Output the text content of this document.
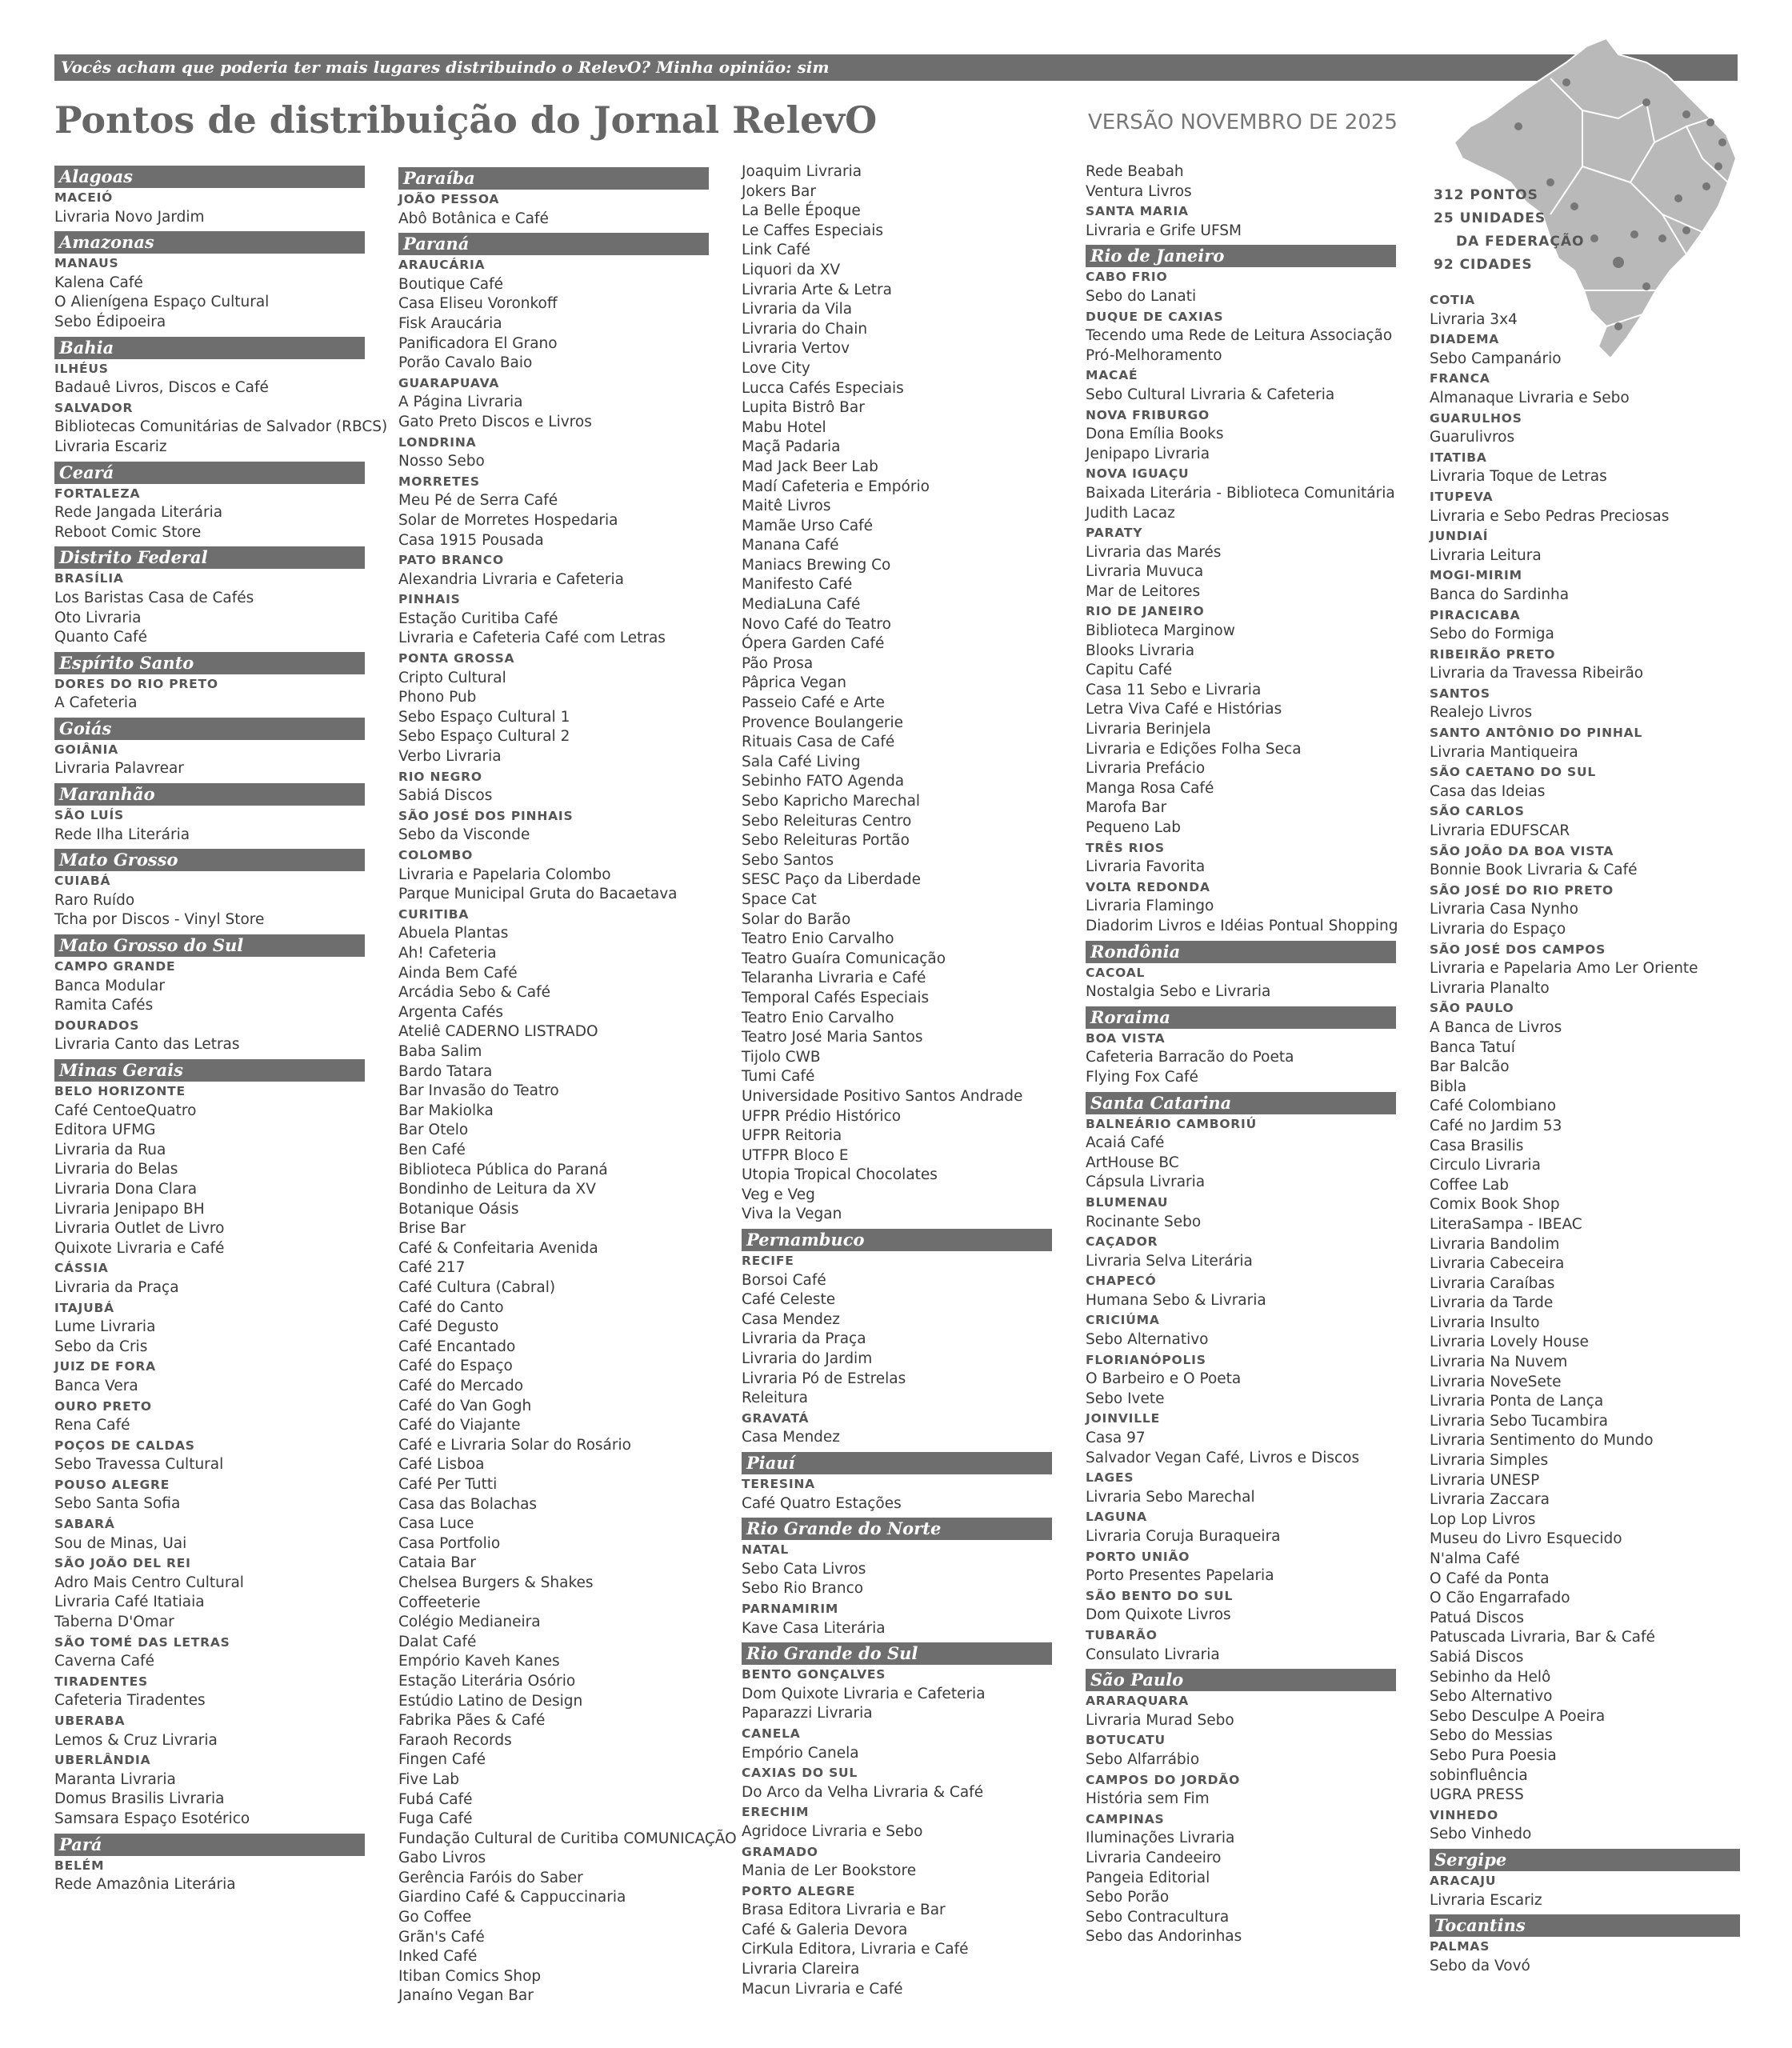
Vocês acham que poderia ter mais lugares distribuindo o RelevO? Minha opinião: sim
Pontos de distribuição do Jornal RelevO	VERSÃO NOVEMBRO DE 2025
312 PONTOS
25 UNIDADES
DA FEDERAÇÃO
92 CIDADES
Alagoas
MACEIÓ
Livraria Novo Jardim
Amazonas
MANAUS
Kalena Café
O Alienígena Espaço Cultural
Sebo Édipoeira
Bahia
ILHÉUS
Badauê Livros, Discos e Café
SALVADOR
Bibliotecas Comunitárias de Salvador (RBCS)
Livraria Escariz
Ceará
FORTALEZA
Rede Jangada Literária
Reboot Comic Store
Distrito Federal
BRASÍLIA
Los Baristas Casa de Cafés
Oto Livraria
Quanto Café
Espírito Santo
DORES DO RIO PRETO
A Cafeteria
Goiás
GOIÂNIA
Livraria Palavrear
Maranhão
SÃO LUÍS
Rede Ilha Literária
Mato Grosso
CUIABÁ
Raro Ruído
Tcha por Discos - Vinyl Store
Mato Grosso do Sul
CAMPO GRANDE
Banca Modular
Ramita Cafés
DOURADOS
Livraria Canto das Letras
Minas Gerais
BELO HORIZONTE
Café CentoeQuatro
Editora UFMG
Livraria da Rua
Livraria do Belas
Livraria Dona Clara
Livraria Jenipapo BH
Livraria Outlet de Livro
Quixote Livraria e Café
CÁSSIA
Livraria da Praça
ITAJUBÁ
Lume Livraria
Sebo da Cris
JUIZ DE FORA
Banca Vera
OURO PRETO
Rena Café
POÇOS DE CALDAS
Sebo Travessa Cultural
POUSO ALEGRE
Sebo Santa Sofia
SABARÁ
Sou de Minas, Uai
SÃO JOÃO DEL REI
Adro Mais Centro Cultural
Livraria Café Itatiaia
Taberna D'Omar
SÃO TOMÉ DAS LETRAS
Caverna Café
TIRADENTES
Cafeteria Tiradentes
UBERABA
Lemos & Cruz Livraria
UBERLÂNDIA
Maranta Livraria
Domus Brasilis Livraria
Samsara Espaço Esotérico
Pará
BELÉM
Rede Amazônia Literária
Paraíba
JOÃO PESSOA
Abô Botânica e Café
Paraná
ARAUCÁRIA
Boutique Café
Casa Eliseu Voronkoff
Fisk Araucária
Panificadora El Grano
Porão Cavalo Baio
GUARAPUAVA
A Página Livraria
Gato Preto Discos e Livros
LONDRINA
Nosso Sebo
MORRETES
Meu Pé de Serra Café
Solar de Morretes Hospedaria
Casa 1915 Pousada
PATO BRANCO
Alexandria Livraria e Cafeteria
PINHAIS
Estação Curitiba Café
Livraria e Cafeteria Café com Letras
PONTA GROSSA
Cripto Cultural
Phono Pub
Sebo Espaço Cultural 1
Sebo Espaço Cultural 2
Verbo Livraria
RIO NEGRO
Sabiá Discos
SÃO JOSÉ DOS PINHAIS
Sebo da Visconde
COLOMBO
Livraria e Papelaria Colombo
Parque Municipal Gruta do Bacaetava
CURITIBA
Abuela Plantas
Ah! Cafeteria
Ainda Bem Café
Arcádia Sebo & Café
Argenta Cafés
Ateliê CADERNO LISTRADO
Baba Salim
Bardo Tatara
Bar Invasão do Teatro
Bar Makiolka
Bar Otelo
Ben Café
Biblioteca Pública do Paraná
Bondinho de Leitura da XV
Botanique Oásis
Brise Bar
Café & Confeitaria Avenida
Café 217
Café Cultura (Cabral)
Café do Canto
Café Degusto
Café Encantado
Café do Espaço
Café do Mercado
Café do Van Gogh
Café do Viajante
Café e Livraria Solar do Rosário
Café Lisboa
Café Per Tutti
Casa das Bolachas
Casa Luce
Casa Portfolio
Cataia Bar
Chelsea Burgers & Shakes
Coffeeterie
Colégio Medianeira
Dalat Café
Empório Kaveh Kanes
Estação Literária Osório
Estúdio Latino de Design
Fabrika Pães & Café
Faraoh Records
Fingen Café
Five Lab
Fubá Café
Fuga Café
Fundação Cultural de Curitiba COMUNICAÇÃO
Gabo Livros
Gerência Faróis do Saber
Giardino Café & Cappuccinaria
Go Coffee
Grãn's Café
Inked Café
Itiban Comics Shop
Janaíno Vegan Bar
Joaquim Livraria
Jokers Bar
La Belle Époque
Le Caffes Especiais
Link Café
Liquori da XV
Livraria Arte & Letra
Livraria da Vila
Livraria do Chain
Livraria Vertov
Love City
Lucca Cafés Especiais
Lupita Bistrô Bar
Mabu Hotel
Maçã Padaria
Mad Jack Beer Lab
Madí Cafeteria e Empório
Maitê Livros
Mamãe Urso Café
Manana Café
Maniacs Brewing Co
Manifesto Café
MediaLuna Café
Novo Café do Teatro
Ópera Garden Café
Pão Prosa
Pâprica Vegan
Passeio Café e Arte
Provence Boulangerie
Rituais Casa de Café
Sala Café Living
Sebinho FATO Agenda
Sebo Kapricho Marechal
Sebo Releituras Centro
Sebo Releituras Portão
Sebo Santos
SESC Paço da Liberdade
Space Cat
Solar do Barão
Teatro Enio Carvalho
Teatro Guaíra Comunicação
Telaranha Livraria e Café
Temporal Cafés Especiais
Teatro Enio Carvalho
Teatro José Maria Santos
Tijolo CWB
Tumi Café
Universidade Positivo Santos Andrade
UFPR Prédio Histórico
UFPR Reitoria
UTFPR Bloco E
Utopia Tropical Chocolates
Veg e Veg
Viva la Vegan
Pernambuco
RECIFE
Borsoi Café
Café Celeste
Casa Mendez
Livraria da Praça
Livraria do Jardim
Livraria Pó de Estrelas
Releitura
GRAVATÁ
Casa Mendez
Piauí
TERESINA
Café Quatro Estações
Rio Grande do Norte
NATAL
Sebo Cata Livros
Sebo Rio Branco
PARNAMIRIM
Kave Casa Literária
Rio Grande do Sul
BENTO GONÇALVES
Dom Quixote Livraria e Cafeteria
Paparazzi Livraria
CANELA
Empório Canela
CAXIAS DO SUL
Do Arco da Velha Livraria & Café
ERECHIM
Agridoce Livraria e Sebo
GRAMADO
Mania de Ler Bookstore
PORTO ALEGRE
Brasa Editora Livraria e Bar
Café & Galeria Devora
CirKula Editora, Livraria e Café
Livraria Clareira
Macun Livraria e Café
Rede Beabah
Ventura Livros
SANTA MARIA
Livraria e Grife UFSM
Rio de Janeiro
CABO FRIO
Sebo do Lanati
DUQUE DE CAXIAS
Tecendo uma Rede de Leitura Associação
Pró-Melhoramento
MACAÉ
Sebo Cultural Livraria & Cafeteria
NOVA FRIBURGO
Dona Emília Books
Jenipapo Livraria
NOVA IGUAÇU
Baixada Literária - Biblioteca Comunitária
Judith Lacaz
PARATY
Livraria das Marés
Livraria Muvuca
Mar de Leitores
RIO DE JANEIRO
Biblioteca Marginow
Blooks Livraria
Capitu Café
Casa 11 Sebo e Livraria
Letra Viva Café e Histórias
Livraria Berinjela
Livraria e Edições Folha Seca
Livraria Prefácio
Manga Rosa Café
Marofa Bar
Pequeno Lab
TRÊS RIOS
Livraria Favorita
VOLTA REDONDA
Livraria Flamingo
Diadorim Livros e Idéias Pontual Shopping
Rondônia
CACOAL
Nostalgia Sebo e Livraria
Roraima
BOA VISTA
Cafeteria Barracão do Poeta
Flying Fox Café
Santa Catarina
BALNEÁRIO CAMBORIÚ
Acaiá Café
ArtHouse BC
Cápsula Livraria
BLUMENAU
Rocinante Sebo
CAÇADOR
Livraria Selva Literária
CHAPECÓ
Humana Sebo & Livraria
CRICIÚMA
Sebo Alternativo
FLORIANÓPOLIS
O Barbeiro e O Poeta
Sebo Ivete
JOINVILLE
Casa 97
Salvador Vegan Café, Livros e Discos
LAGES
Livraria Sebo Marechal
LAGUNA
Livraria Coruja Buraqueira
PORTO UNIÃO
Porto Presentes Papelaria
SÃO BENTO DO SUL
Dom Quixote Livros
TUBARÃO
Consulato Livraria
São Paulo
ARARAQUARA
Livraria Murad Sebo
BOTUCATU
Sebo Alfarrábio
CAMPOS DO JORDÃO
História sem Fim
CAMPINAS
Iluminações Livraria
Livraria Candeeiro
Pangeia Editorial
Sebo Porão
Sebo Contracultura
Sebo das Andorinhas
COTIA
Livraria 3x4
DIADEMA
Sebo Campanário
FRANCA
Almanaque Livraria e Sebo
GUARULHOS
Guarulivros
ITATIBA
Livraria Toque de Letras
ITUPEVA
Livraria e Sebo Pedras Preciosas
JUNDIAÍ
Livraria Leitura
MOGI-MIRIM
Banca do Sardinha
PIRACICABA
Sebo do Formiga
RIBEIRÃO PRETO
Livraria da Travessa Ribeirão
SANTOS
Realejo Livros
SANTO ANTÔNIO DO PINHAL
Livraria Mantiqueira
SÃO CAETANO DO SUL
Casa das Ideias
SÃO CARLOS
Livraria EDUFSCAR
SÃO JOÃO DA BOA VISTA
Bonnie Book Livraria & Café
SÃO JOSÉ DO RIO PRETO
Livraria Casa Nynho
Livraria do Espaço
SÃO JOSÉ DOS CAMPOS
Livraria e Papelaria Amo Ler Oriente
Livraria Planalto
SÃO PAULO
A Banca de Livros
Banca Tatuí
Bar Balcão
Bibla
Café Colombiano
Café no Jardim 53
Casa Brasilis
Circulo Livraria
Coffee Lab
Comix Book Shop
LiteraSampa - IBEAC
Livraria Bandolim
Livraria Cabeceira
Livraria Caraíbas
Livraria da Tarde
Livraria Insulto
Livraria Lovely House
Livraria Na Nuvem
Livraria NoveSete
Livraria Ponta de Lança
Livraria Sebo Tucambira
Livraria Sentimento do Mundo
Livraria Simples
Livraria UNESP
Livraria Zaccara
Lop Lop Livros
Museu do Livro Esquecido
N'alma Café
O Café da Ponta
O Cão Engarrafado
Patuá Discos
Patuscada Livraria, Bar & Café
Sabiá Discos
Sebinho da Helô
Sebo Alternativo
Sebo Desculpe A Poeira
Sebo do Messias
Sebo Pura Poesia
sobinfluência
UGRA PRESS
VINHEDO
Sebo Vinhedo
Sergipe
ARACAJU
Livraria Escariz
Tocantins
PALMAS
Sebo da Vovó
